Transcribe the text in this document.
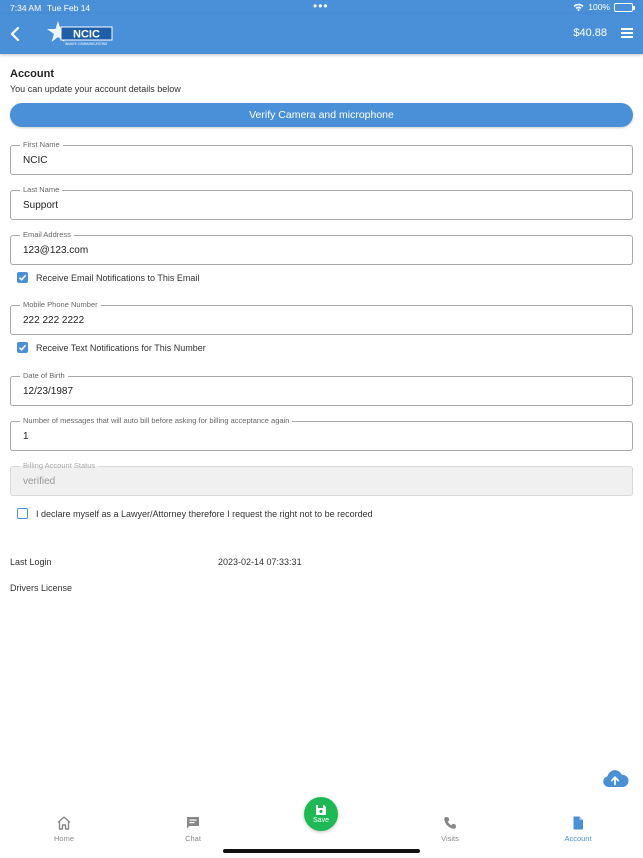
7:34 AM Tue Feb 14	•••	100%
NCIC
INMATE COMMUNICATIONS
$40.88
Account
You can update your account details below
Verify Camera and microphone
First Name
NCIC
Last Name
Support
Email Address
123@123.com
Receive Email Notifications to This Email
Mobile Phone Number
222 222 2222
Receive Text Notifications for This Number
Date of Birth
12/23/1987
Number of messages that will auto bill before asking for billing acceptance again
1
Billing Account Status
verified
I declare myself as a Lawyer/Attorney therefore I request the right not to be recorded
Last Login	2023-02-14 07:33:31
Drivers License
Home	Chat	Visits	Account
Save
